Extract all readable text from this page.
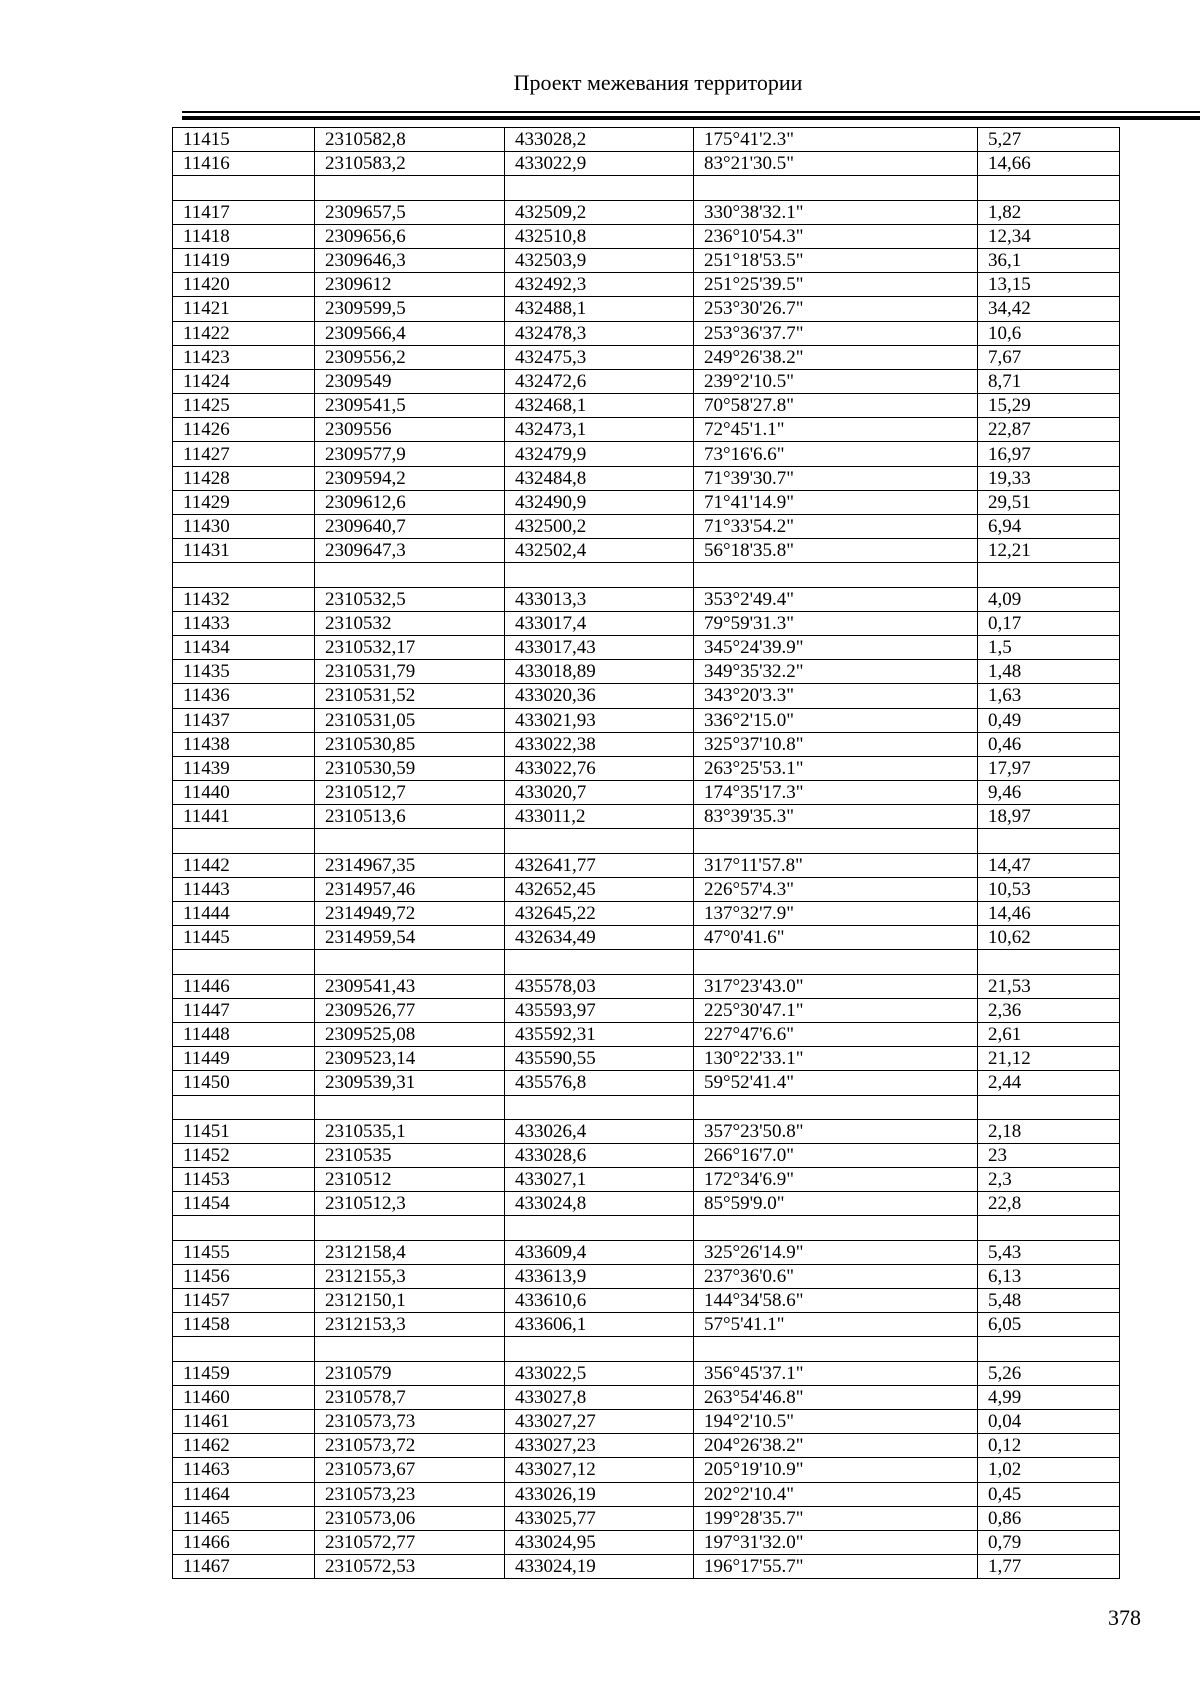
Проект межевания территории
11415	2310582,8	433028,2	175°41'2.3"	5,27
11416	2310583,2	433022,9	83°21'30.5"	14,66

11417	2309657,5	432509,2	330°38'32.1"	1,82
11418	2309656,6	432510,8	236°10'54.3"	12,34
11419	2309646,3	432503,9	251°18'53.5"	36,1
11420	2309612	432492,3	251°25'39.5"	13,15
11421	2309599,5	432488,1	253°30'26.7"	34,42
11422	2309566,4	432478,3	253°36'37.7"	10,6
11423	2309556,2	432475,3	249°26'38.2"	7,67
11424	2309549	432472,6	239°2'10.5"	8,71
11425	2309541,5	432468,1	70°58'27.8"	15,29
11426	2309556	432473,1	72°45'1.1"	22,87
11427	2309577,9	432479,9	73°16'6.6"	16,97
11428	2309594,2	432484,8	71°39'30.7"	19,33
11429	2309612,6	432490,9	71°41'14.9"	29,51
11430	2309640,7	432500,2	71°33'54.2"	6,94
11431	2309647,3	432502,4	56°18'35.8"	12,21

11432	2310532,5	433013,3	353°2'49.4"	4,09
11433	2310532	433017,4	79°59'31.3"	0,17
11434	2310532,17	433017,43	345°24'39.9"	1,5
11435	2310531,79	433018,89	349°35'32.2"	1,48
11436	2310531,52	433020,36	343°20'3.3"	1,63
11437	2310531,05	433021,93	336°2'15.0"	0,49
11438	2310530,85	433022,38	325°37'10.8"	0,46
11439	2310530,59	433022,76	263°25'53.1"	17,97
11440	2310512,7	433020,7	174°35'17.3"	9,46
11441	2310513,6	433011,2	83°39'35.3"	18,97

11442	2314967,35	432641,77	317°11'57.8"	14,47
11443	2314957,46	432652,45	226°57'4.3"	10,53
11444	2314949,72	432645,22	137°32'7.9"	14,46
11445	2314959,54	432634,49	47°0'41.6"	10,62

11446	2309541,43	435578,03	317°23'43.0"	21,53
11447	2309526,77	435593,97	225°30'47.1"	2,36
11448	2309525,08	435592,31	227°47'6.6"	2,61
11449	2309523,14	435590,55	130°22'33.1"	21,12
11450	2309539,31	435576,8	59°52'41.4"	2,44

11451	2310535,1	433026,4	357°23'50.8"	2,18
11452	2310535	433028,6	266°16'7.0"	23
11453	2310512	433027,1	172°34'6.9"	2,3
11454	2310512,3	433024,8	85°59'9.0"	22,8

11455	2312158,4	433609,4	325°26'14.9"	5,43
11456	2312155,3	433613,9	237°36'0.6"	6,13
11457	2312150,1	433610,6	144°34'58.6"	5,48
11458	2312153,3	433606,1	57°5'41.1"	6,05

11459	2310579	433022,5	356°45'37.1"	5,26
11460	2310578,7	433027,8	263°54'46.8"	4,99
11461	2310573,73	433027,27	194°2'10.5"	0,04
11462	2310573,72	433027,23	204°26'38.2"	0,12
11463	2310573,67	433027,12	205°19'10.9"	1,02
11464	2310573,23	433026,19	202°2'10.4"	0,45
11465	2310573,06	433025,77	199°28'35.7"	0,86
11466	2310572,77	433024,95	197°31'32.0"	0,79
11467	2310572,53	433024,19	196°17'55.7"	1,77
378
